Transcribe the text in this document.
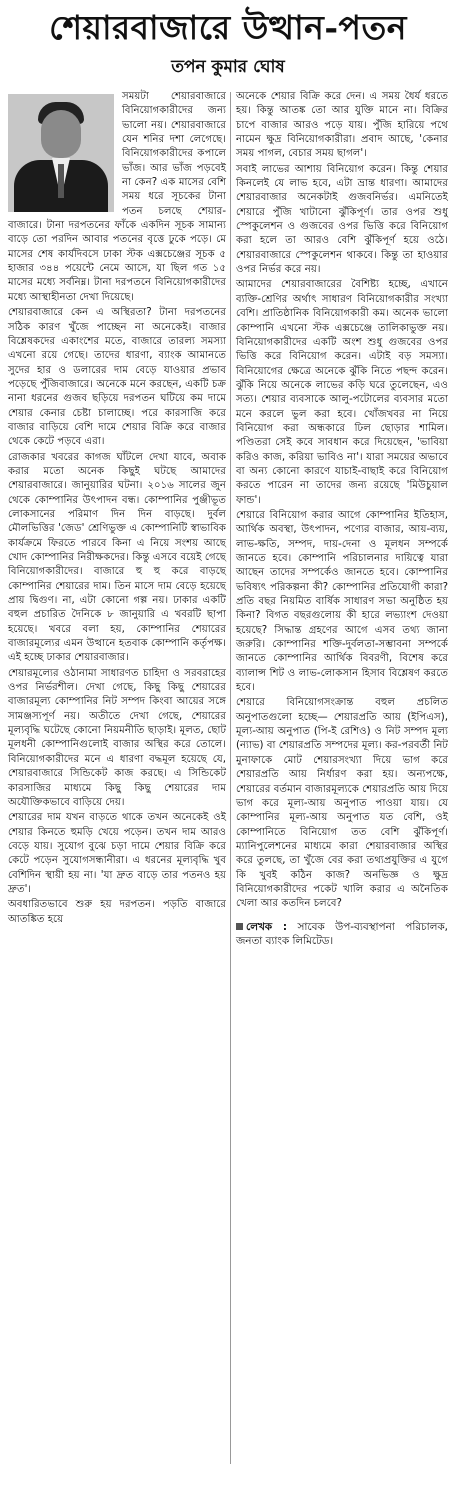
শেয়ারবাজারে উত্থান-পতন
তপন কুমার ঘোষ

সময়টা শেয়ারবাজারে বিনিয়োগকারীদের জন্য ভালো নয়। শেয়ারবাজারে যেন শনির দশা লেগেছে। বিনিয়োগকারীদের কপালে ভাঁজ। আর ভাঁজ পড়বেই না কেন? এক মাসের বেশি সময় ধরে সূচকের টানা পতন চলছে শেয়ার-বাজারে। টানা দরপতনের ফাঁকে একদিন সূচক সামান্য বাড়ে তো পরদিন আবার পতনের বৃত্তে ঢুকে পড়ে। মে মাসের শেষ কার্যদিবসে ঢাকা স্টক এক্সচেঞ্জের সূচক ৫ হাজার ৩৪৪ পয়েন্টে নেমে আসে, যা ছিল গত ১৫ মাসের মধ্যে সর্বনিম্ন। টানা দরপতনে বিনিয়োগকারীদের মধ্যে আস্থাহীনতা দেখা দিয়েছে।

শেয়ারবাজারে কেন এ অস্থিরতা? টানা দরপতনের সঠিক কারণ খুঁজে পাচ্ছেন না অনেকেই। বাজার বিশ্লেষকদের একাংশের মতে, বাজারে তারল্য সমস্যা এখনো রয়ে গেছে। তাদের ধারণা, ব্যাংক আমানতে সুদের হার ও ডলারের দাম বেড়ে যাওয়ার প্রভাব পড়েছে পুঁজিবাজারে। অনেকে মনে করছেন, একটি চক্র নানা ধরনের গুজব ছড়িয়ে দরপতন ঘটিয়ে কম দামে শেয়ার কেনার চেষ্টা চালাচ্ছে। পরে কারসাজি করে বাজার বাড়িয়ে বেশি দামে শেয়ার বিক্রি করে বাজার থেকে কেটে পড়বে এরা।

রোজকার খবরের কাগজ ঘাঁটলে দেখা যাবে, অবাক করার মতো অনেক কিছুই ঘটছে আমাদের শেয়ারবাজারে। জানুয়ারির ঘটনা। ২০১৬ সালের জুন থেকে কোম্পানির উৎপাদন বন্ধ। কোম্পানির পুঞ্জীভূত লোকসানের পরিমাণ দিন দিন বাড়ছে। দুর্বল মৌলভিত্তির 'জেড' শ্রেণিভুক্ত এ কোম্পানিটি স্বাভাবিক কার্যক্রমে ফিরতে পারবে কিনা এ নিয়ে সংশয় আছে খোদ কোম্পানির নিরীক্ষকদের। কিন্তু এসবে বয়েই গেছে বিনিয়োগকারীদের। বাজারে হু হু করে বাড়ছে কোম্পানির শেয়ারের দাম। তিন মাসে দাম বেড়ে হয়েছে প্রায় দ্বিগুণ। না, এটা কোনো গল্প নয়। ঢাকার একটি বহুল প্রচারিত দৈনিকে ৮ জানুয়ারি এ খবরটি ছাপা হয়েছে। খবরে বলা হয়, কোম্পানির শেয়ারের বাজারমূল্যের এমন উত্থানে হতবাক কোম্পানি কর্তৃপক্ষ। এই হচ্ছে ঢাকার শেয়ারবাজার।

শেয়ারমূল্যের ওঠানামা সাধারণত চাহিদা ও সরবরাহের ওপর নির্ভরশীল। দেখা গেছে, কিছু কিছু শেয়ারের বাজারমূল্য কোম্পানির নিট সম্পদ কিংবা আয়ের সঙ্গে সামঞ্জস্যপূর্ণ নয়। অতীতে দেখা গেছে, শেয়ারের মূল্যবৃদ্ধি ঘটেছে কোনো নিয়মনীতি ছাড়াই। মূলত, ছোট মূলধনী কোম্পানিগুলোই বাজার অস্থির করে তোলে। বিনিয়োগকারীদের মনে এ ধারণা বদ্ধমূল হয়েছে যে, শেয়ারবাজারে সিন্ডিকেট কাজ করছে। এ সিন্ডিকেট কারসাজির মাধ্যমে কিছু কিছু শেয়ারের দাম অযৌক্তিকভাবে বাড়িয়ে দেয়।

শেয়ারের দাম যখন বাড়তে থাকে তখন অনেকেই ওই শেয়ার কিনতে হুমড়ি খেয়ে পড়েন। তখন দাম আরও বেড়ে যায়। সুযোগ বুঝে চড়া দামে শেয়ার বিক্রি করে কেটে পড়েন সুযোগসন্ধানীরা। এ ধরনের মূল্যবৃদ্ধি খুব বেশিদিন স্থায়ী হয় না। 'যা দ্রুত বাড়ে তার পতনও হয় দ্রুত'।

অবধারিতভাবে শুরু হয় দরপতন। পড়তি বাজারে আতঙ্কিত হয়ে

অনেকে শেয়ার বিক্রি করে দেন। এ সময় ধৈর্য ধরতে হয়। কিন্তু আতঙ্ক তো আর যুক্তি মানে না। বিক্রির চাপে বাজার আরও পড়ে যায়। পুঁজি হারিয়ে পথে নামেন ক্ষুদ্র বিনিয়োগকারীরা। প্রবাদ আছে, 'কেনার সময় পাগল, বেচার সময় ছাগল'।

সবাই লাভের আশায় বিনিয়োগ করেন। কিন্তু শেয়ার কিনলেই যে লাভ হবে, এটা ভ্রান্ত ধারণা। আমাদের শেয়ারবাজার অনেকটাই গুজবনির্ভর। এমনিতেই শেয়ারে পুঁজি খাটানো ঝুঁকিপূর্ণ। তার ওপর শুধু স্পেকুলেশন ও গুজবের ওপর ভিত্তি করে বিনিয়োগ করা হলে তা আরও বেশি ঝুঁকিপূর্ণ হয়ে ওঠে। শেয়ারবাজারে স্পেকুলেশন থাকবে। কিন্তু তা হাওয়ার ওপর নির্ভর করে নয়।

আমাদের শেয়ারবাজারের বৈশিষ্ট্য হচ্ছে, এখানে ব্যক্তি-শ্রেণির অর্থাৎ সাধারণ বিনিয়োগকারীর সংখ্যা বেশি। প্রাতিষ্ঠানিক বিনিয়োগকারী কম। অনেক ভালো কোম্পানি এখনো স্টক এক্সচেঞ্জে তালিকাভুক্ত নয়। বিনিয়োগকারীদের একটি অংশ শুধু গুজবের ওপর ভিত্তি করে বিনিয়োগ করেন। এটাই বড় সমস্যা। বিনিয়োগের ক্ষেত্রে অনেকে ঝুঁকি নিতে পছন্দ করেন। ঝুঁকি নিয়ে অনেকে লাভের কড়ি ঘরে তুলেছেন, এও সত্য। শেয়ার ব্যবসাকে আলু-পটোলের ব্যবসার মতো মনে করলে ভুল করা হবে। খোঁজখবর না নিয়ে বিনিয়োগ করা অন্ধকারে ঢিল ছোড়ার শামিল। পণ্ডিতরা সেই কবে সাবধান করে দিয়েছেন, 'ভাবিয়া করিও কাজ, করিয়া ভাবিও না'। যারা সময়ের অভাবে বা অন্য কোনো কারণে যাচাই-বাছাই করে বিনিয়োগ করতে পারেন না তাদের জন্য রয়েছে 'মিউচুয়াল ফান্ড'।

শেয়ারে বিনিয়োগ করার আগে কোম্পানির ইতিহাস, আর্থিক অবস্থা, উৎপাদন, পণ্যের বাজার, আয়-ব্যয়, লাভ-ক্ষতি, সম্পদ, দায়-দেনা ও মূলধন সম্পর্কে জানতে হবে। কোম্পানি পরিচালনার দায়িত্বে যারা আছেন তাদের সম্পর্কেও জানতে হবে। কোম্পানির ভবিষ্যৎ পরিকল্পনা কী? কোম্পানির প্রতিযোগী কারা? প্রতি বছর নিয়মিত বার্ষিক সাধারণ সভা অনুষ্ঠিত হয় কিনা? বিগত বছরগুলোয় কী হারে লভ্যাংশ দেওয়া হয়েছে? সিদ্ধান্ত গ্রহণের আগে এসব তথ্য জানা জরুরি। কোম্পানির শক্তি-দুর্বলতা-সম্ভাবনা সম্পর্কে জানতে কোম্পানির আর্থিক বিবরণী, বিশেষ করে ব্যালান্স শিট ও লাভ-লোকসান হিসাব বিশ্লেষণ করতে হবে।

শেয়ারে বিনিয়োগসংক্রান্ত বহুল প্রচলিত অনুপাতগুলো হচ্ছে— শেয়ারপ্রতি আয় (ইপিএস), মূল্য-আয় অনুপাত (পি-ই রেশিও) ও নিট সম্পদ মূল্য (ন্যাভ) বা শেয়ারপ্রতি সম্পদের মূল্য। কর-পরবর্তী নিট মুনাফাকে মোট শেয়ারসংখ্যা দিয়ে ভাগ করে শেয়ারপ্রতি আয় নির্ধারণ করা হয়। অন্যপক্ষে, শেয়ারের বর্তমান বাজারমূল্যকে শেয়ারপ্রতি আয় দিয়ে ভাগ করে মূল্য-আয় অনুপাত পাওয়া যায়। যে কোম্পানির মূল্য-আয় অনুপাত যত বেশি, ওই কোম্পানিতে বিনিয়োগ তত বেশি ঝুঁকিপূর্ণ। ম্যানিপুলেশনের মাধ্যমে কারা শেয়ারবাজার অস্থির করে তুলছে, তা খুঁজে বের করা তথ্যপ্রযুক্তির এ যুগে কি খুবই কঠিন কাজ? অনভিজ্ঞ ও ক্ষুদ্র বিনিয়োগকারীদের পকেট খালি করার এ অনৈতিক খেলা আর কতদিন চলবে?

লেখক : সাবেক উপ-ব্যবস্থাপনা পরিচালক, জনতা ব্যাংক লিমিটেড।
